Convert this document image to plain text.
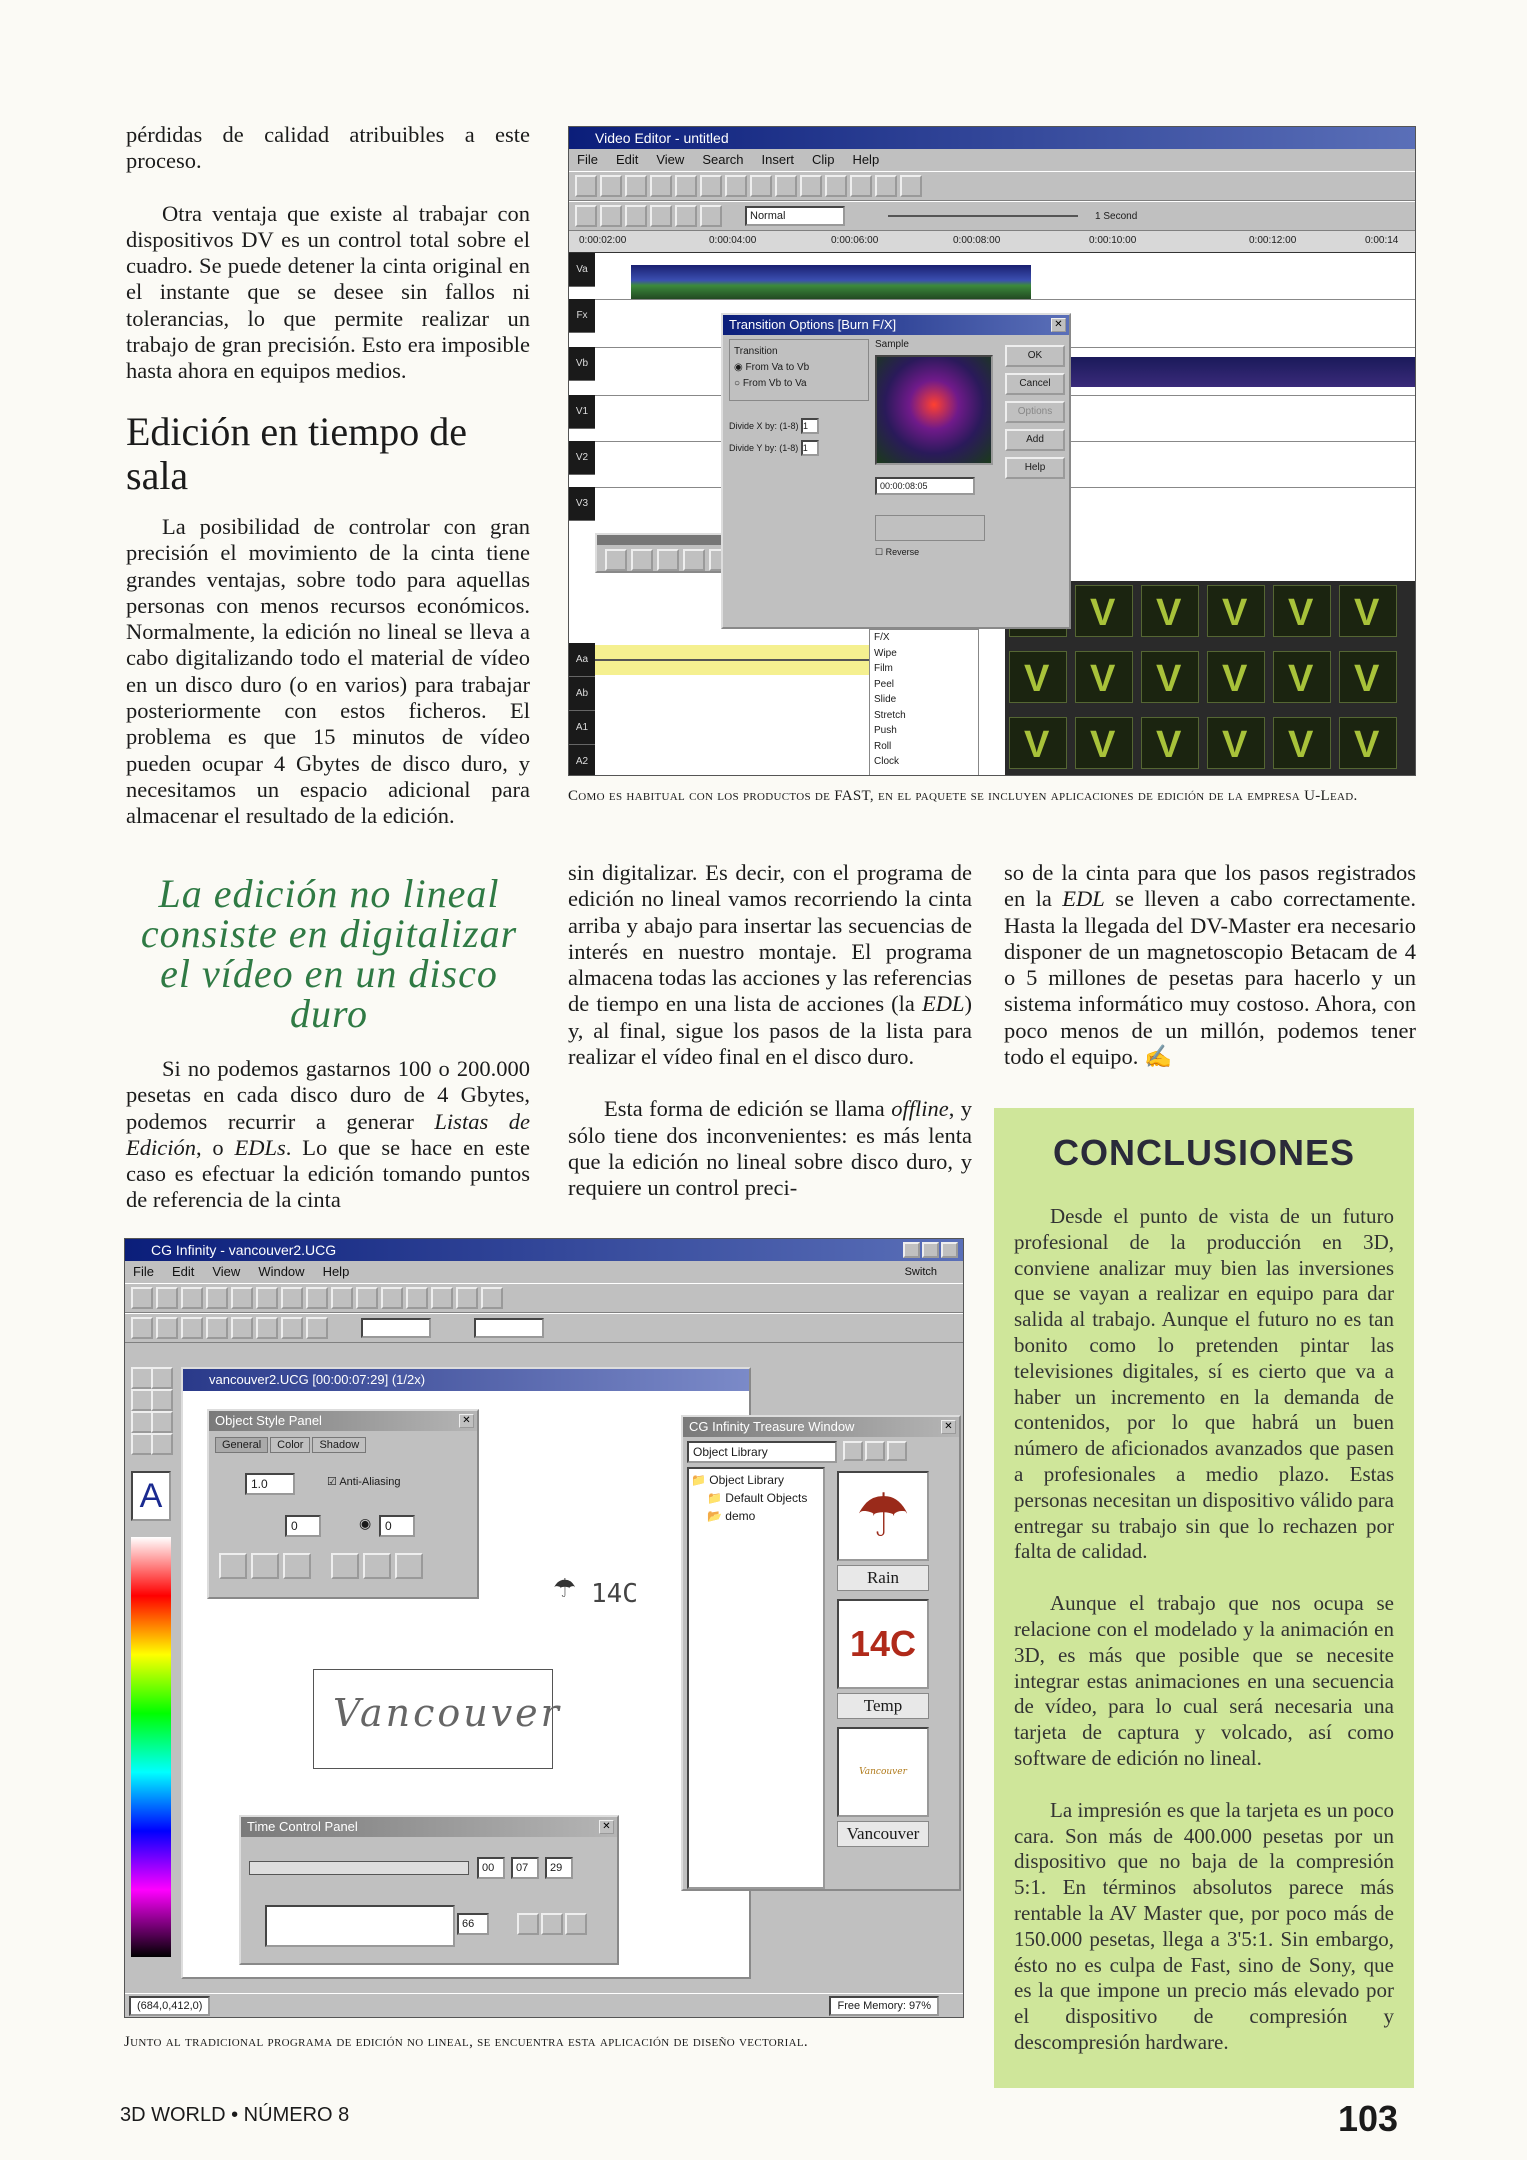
pérdidas de calidad atribuibles a este proceso.

Otra ventaja que existe al trabajar con dispositivos DV es un control total sobre el cuadro. Se puede detener la cinta original en el instante que se desee sin fallos ni tolerancias, lo que permite realizar un trabajo de gran precisión. Esto era imposible hasta ahora en equipos medios.

Edición en tiempo de sala

La posibilidad de controlar con gran precisión el movimiento de la cinta tiene grandes ventajas, sobre todo para aquellas personas con menos recursos económicos. Normalmente, la edición no lineal se lleva a cabo digitalizando todo el material de vídeo en un disco duro (o en varios) para trabajar posteriormente con estos ficheros. El problema es que 15 minutos de vídeo pueden ocupar 4 Gbytes de disco duro, y necesitamos un espacio adicional para almacenar el resultado de la edición.

La edición no lineal consiste en digitalizar el vídeo en un disco duro

Si no podemos gastarnos 100 o 200.000 pesetas en cada disco duro de 4 Gbytes, podemos recurrir a generar Listas de Edición, o EDLs. Lo que se hace en este caso es efectuar la edición tomando puntos de referencia de la cinta

Video Editor - untitled
File Edit View Search Insert Clip Help
Normal	1 Second
0:00:02:00	0:00:04:00	0:00:06:00	0:00:08:00	0:00:10:00	0:00:12:00	0:00:14
Va
Fx
Vb
V1
V2
V3
Aa
Ab
A1
A2
F/X
Wipe
Film
Peel
Slide
Stretch
Push
Roll
Clock
V
V
V
V
V
V
V
V
V
V
V
V
V
V
V
V
V
V
Transition Options [Burn F/X]	✕
Transition
◉ From Va to Vb
○ From Vb to Va
Sample
Divide X by: (1-8) 1
Divide Y by: (1-8) 1
OK
Cancel
Options
Add
Help
00:00:08:05
☐ Reverse
Como es habitual con los productos de FAST, en el paquete se incluyen aplicaciones de edición de la empresa U-Lead.

sin digitalizar. Es decir, con el programa de edición no lineal vamos recorriendo la cinta arriba y abajo para insertar las secuencias de interés en nuestro montaje. El programa almacena todas las acciones y las referencias de tiempo en una lista de acciones (la EDL) y, al final, sigue los pasos de la lista para realizar el vídeo final en el disco duro.

Esta forma de edición se llama offline, y sólo tiene dos inconvenientes: es más lenta que la edición no lineal sobre disco duro, y requiere un control preci-

so de la cinta para que los pasos registrados en la EDL se lleven a cabo correctamente. Hasta la llegada del DV-Master era necesario disponer de un magnetoscopio Betacam de 4 o 5 millones de pesetas para hacerlo y un sistema informático muy costoso. Ahora, con poco menos de un millón, podemos tener todo el equipo. ✍

CG Infinity - vancouver2.UCG
File Edit View Window Help	Switch
A
vancouver2.UCG [00:00:07:29] (1/2x)
☂ 14C
Vancouver
Object Style Panel	✕
General	Color	Shadow
1.0	☑ Anti-Aliasing
0	◉	0
Time Control Panel	✕
00	07	29
66
CG Infinity Treasure Window	✕
Object Library
📁 Object Library
📁 Default Objects
📂 demo	☂
Rain
14C
Temp
Vancouver
Vancouver
(684,0,412,0)	Free Memory: 97%
Junto al tradicional programa de edición no lineal, se encuentra esta aplicación de diseño vectorial.
CONCLUSIONES

Desde el punto de vista de un futuro profesional de la producción en 3D, conviene analizar muy bien las inversiones que se vayan a realizar en equipo para dar salida al trabajo. Aunque el futuro no es tan bonito como lo pretenden pintar las televisiones digitales, sí es cierto que va a haber un incremento en la demanda de contenidos, por lo que habrá un buen número de aficionados avanzados que pasen a profesionales a medio plazo. Estas personas necesitan un dispositivo válido para entregar su trabajo sin que lo rechazen por falta de calidad.

Aunque el trabajo que nos ocupa se relacione con el modelado y la animación en 3D, es más que posible que se necesite integrar estas animaciones en una secuencia de vídeo, para lo cual será necesaria una tarjeta de captura y volcado, así como software de edición no lineal.

La impresión es que la tarjeta es un poco cara. Son más de 400.000 pesetas por un dispositivo que no baja de la compresión 5:1. En términos absolutos parece más rentable la AV Master que, por poco más de 150.000 pesetas, llega a 3'5:1. Sin embargo, ésto no es culpa de Fast, sino de Sony, que es la que impone un precio más elevado por el dispositivo de compresión y descompresión hardware.

3D WORLD • NÚMERO 8	103
